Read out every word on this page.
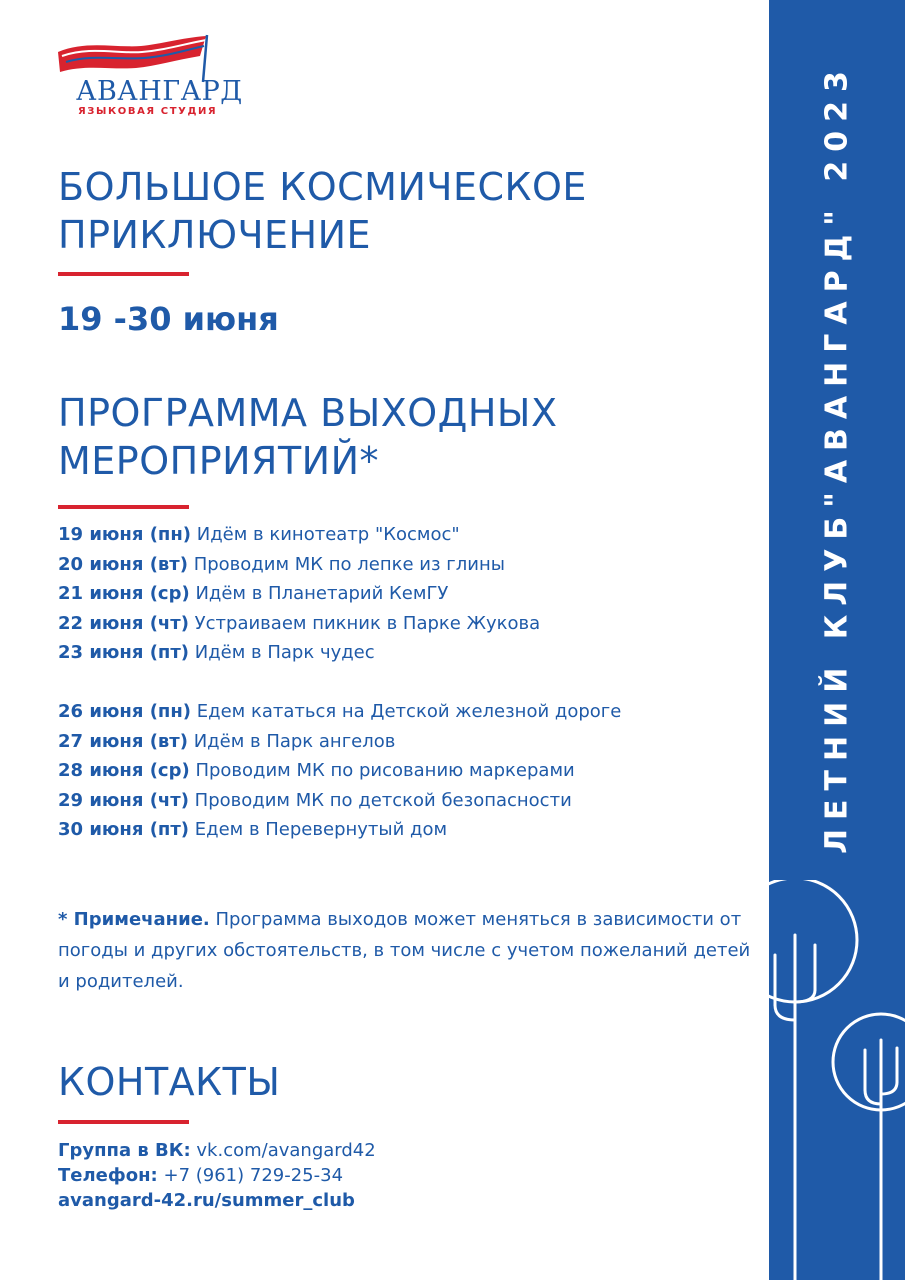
АВАНГАРД
ЯЗЫКОВАЯ СТУДИЯ
БОЛЬШОЕ КОСМИЧЕСКОЕ
ПРИКЛЮЧЕНИЕ
19 -30 июня
ПРОГРАММА ВЫХОДНЫХ
МЕРОПРИЯТИЙ*
19 июня (пн) Идём в кинотеатр "Космос"
20 июня (вт) Проводим МК по лепке из глины
21 июня (ср) Идём в Планетарий КемГУ
22 июня (чт) Устраиваем пикник в Парке Жукова
23 июня (пт) Идём в Парк чудес
26 июня (пн) Едем кататься на Детской железной дороге
27 июня (вт) Идём в Парк ангелов
28 июня (ср) Проводим МК по рисованию маркерами
29 июня (чт) Проводим МК по детской безопасности
30 июня (пт) Едем в Перевернутый дом
* Примечание. Программа выходов может меняться в зависимости от погоды и других обстоятельств, в том числе с учетом пожеланий детей и родителей.
КОНТАКТЫ
Группа в ВК: vk.com/avangard42
Телефон: +7 (961) 729-25-34
avangard-42.ru/summer_club
ЛЕТНИЙ КЛУБ"АВАНГАРД" 2023
